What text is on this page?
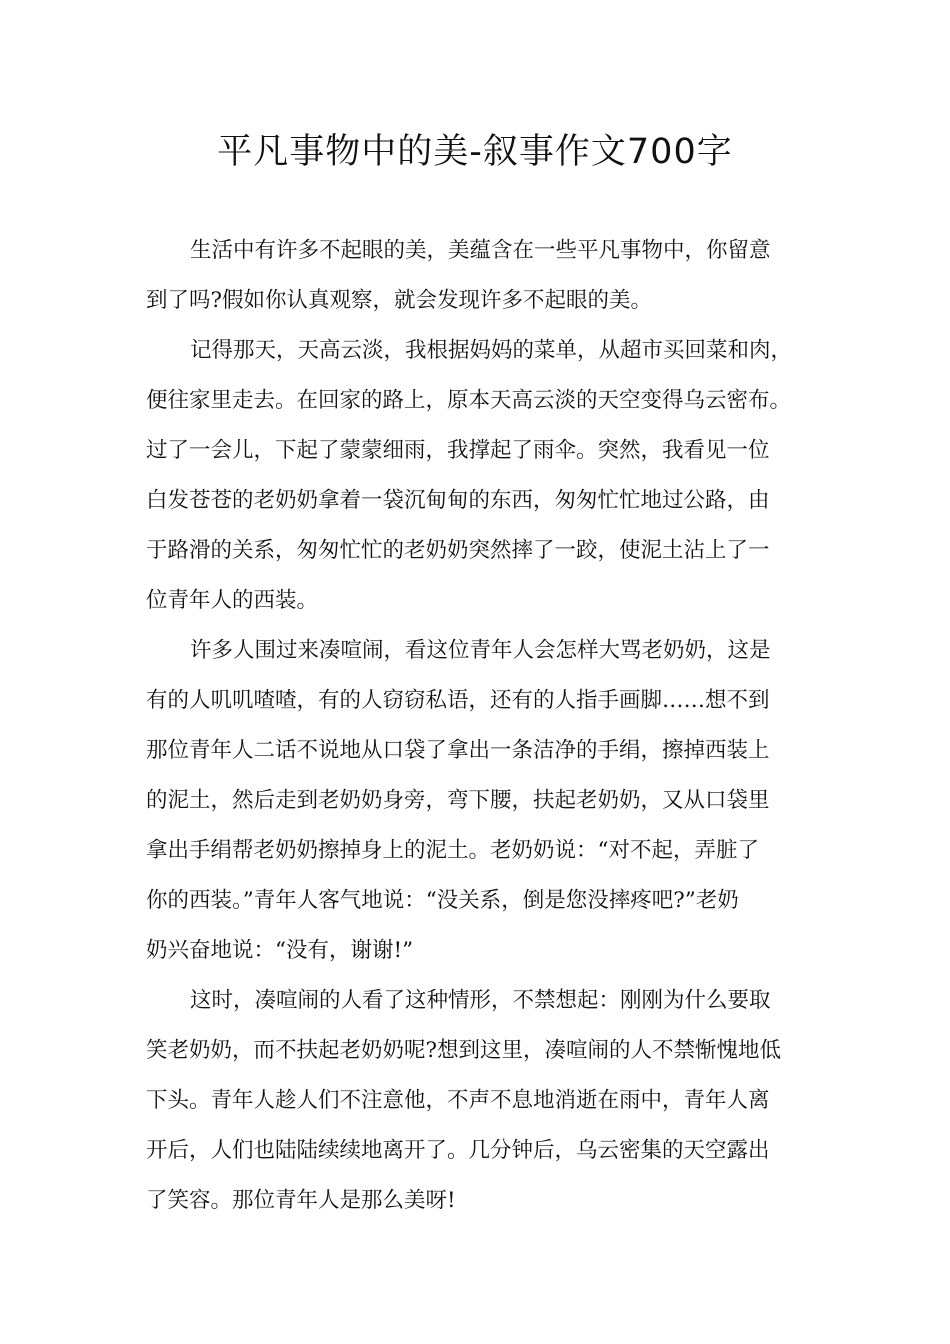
平凡事物中的美-叙事作文700字
生活中有许多不起眼的美，美蕴含在一些平凡事物中，你留意
到了吗?假如你认真观察，就会发现许多不起眼的美。
记得那天，天高云淡，我根据妈妈的菜单，从超市买回菜和肉，
便往家里走去。在回家的路上，原本天高云淡的天空变得乌云密布。
过了一会儿，下起了蒙蒙细雨，我撑起了雨伞。突然，我看见一位
白发苍苍的老奶奶拿着一袋沉甸甸的东西，匆匆忙忙地过公路，由
于路滑的关系，匆匆忙忙的老奶奶突然摔了一跤，使泥土沾上了一
位青年人的西装。
许多人围过来凑喧闹，看这位青年人会怎样大骂老奶奶，这是
有的人叽叽喳喳，有的人窃窃私语，还有的人指手画脚……想不到
那位青年人二话不说地从口袋了拿出一条洁净的手绢，擦掉西装上
的泥土，然后走到老奶奶身旁，弯下腰，扶起老奶奶，又从口袋里
拿出手绢帮老奶奶擦掉身上的泥土。老奶奶说：“对不起，弄脏了
你的西装。”青年人客气地说：“没关系，倒是您没摔疼吧?”老奶
奶兴奋地说：“没有，谢谢!”
这时，凑喧闹的人看了这种情形，不禁想起：刚刚为什么要取
笑老奶奶，而不扶起老奶奶呢?想到这里，凑喧闹的人不禁惭愧地低
下头。青年人趁人们不注意他，不声不息地消逝在雨中，青年人离
开后，人们也陆陆续续地离开了。几分钟后，乌云密集的天空露出
了笑容。那位青年人是那么美呀!
